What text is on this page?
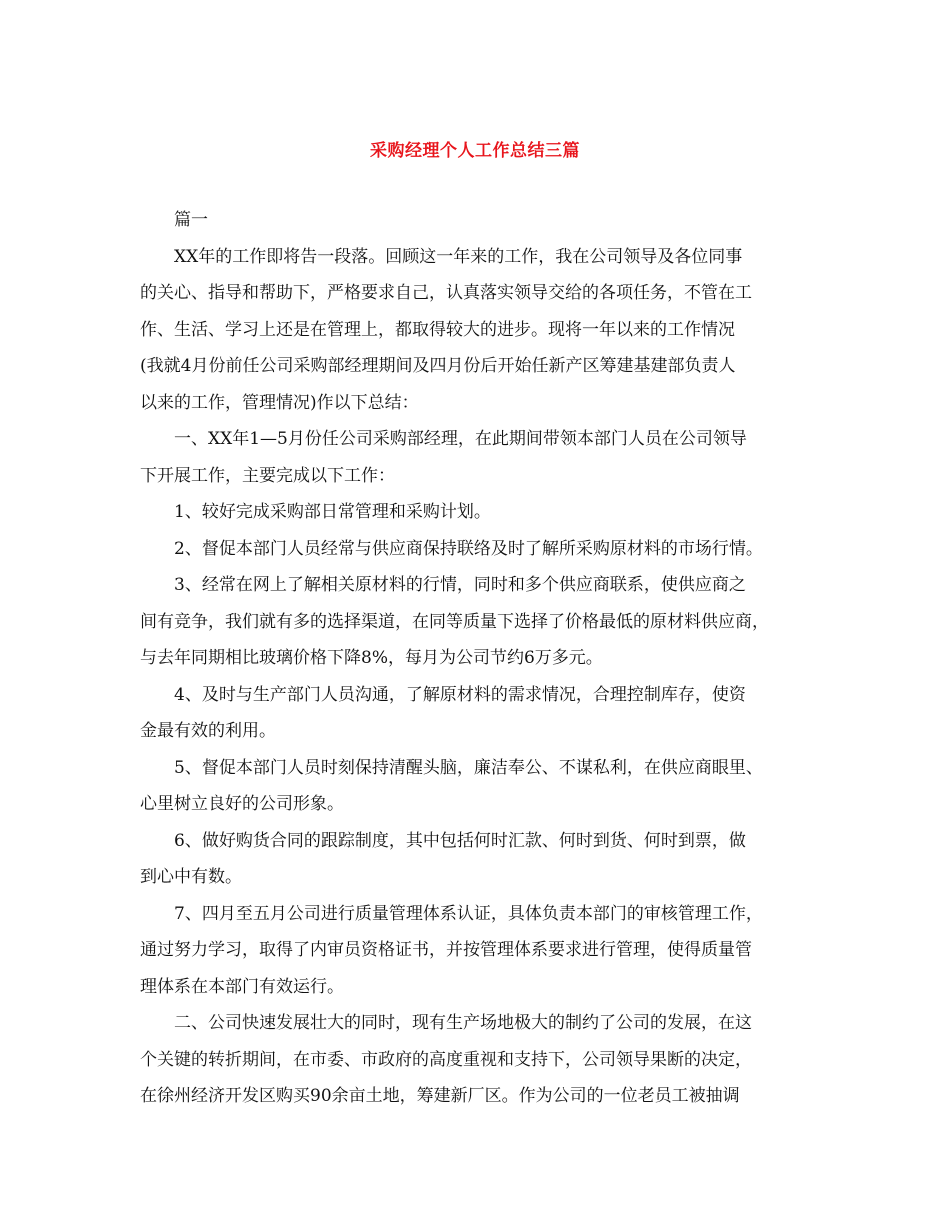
采购经理个人工作总结三篇
篇一
XX年的工作即将告一段落。回顾这一年来的工作，我在公司领导及各位同事
的关心、指导和帮助下，严格要求自己，认真落实领导交给的各项任务，不管在工
作、生活、学习上还是在管理上，都取得较大的进步。现将一年以来的工作情况
(我就4月份前任公司采购部经理期间及四月份后开始任新产区筹建基建部负责人
以来的工作，管理情况)作以下总结：
一、XX年1—5月份任公司采购部经理，在此期间带领本部门人员在公司领导
下开展工作，主要完成以下工作：
1、较好完成采购部日常管理和采购计划。
2、督促本部门人员经常与供应商保持联络及时了解所采购原材料的市场行情。
3、经常在网上了解相关原材料的行情，同时和多个供应商联系，使供应商之
间有竞争，我们就有多的选择渠道，在同等质量下选择了价格最低的原材料供应商，
与去年同期相比玻璃价格下降8%，每月为公司节约6万多元。
4、及时与生产部门人员沟通，了解原材料的需求情况，合理控制库存，使资
金最有效的利用。
5、督促本部门人员时刻保持清醒头脑，廉洁奉公、不谋私利，在供应商眼里、
心里树立良好的公司形象。
6、做好购货合同的跟踪制度，其中包括何时汇款、何时到货、何时到票，做
到心中有数。
7、四月至五月公司进行质量管理体系认证，具体负责本部门的审核管理工作，
通过努力学习，取得了内审员资格证书，并按管理体系要求进行管理，使得质量管
理体系在本部门有效运行。
二、公司快速发展壮大的同时，现有生产场地极大的制约了公司的发展，在这
个关键的转折期间，在市委、市政府的高度重视和支持下，公司领导果断的决定，
在徐州经济开发区购买90余亩土地，筹建新厂区。作为公司的一位老员工被抽调
